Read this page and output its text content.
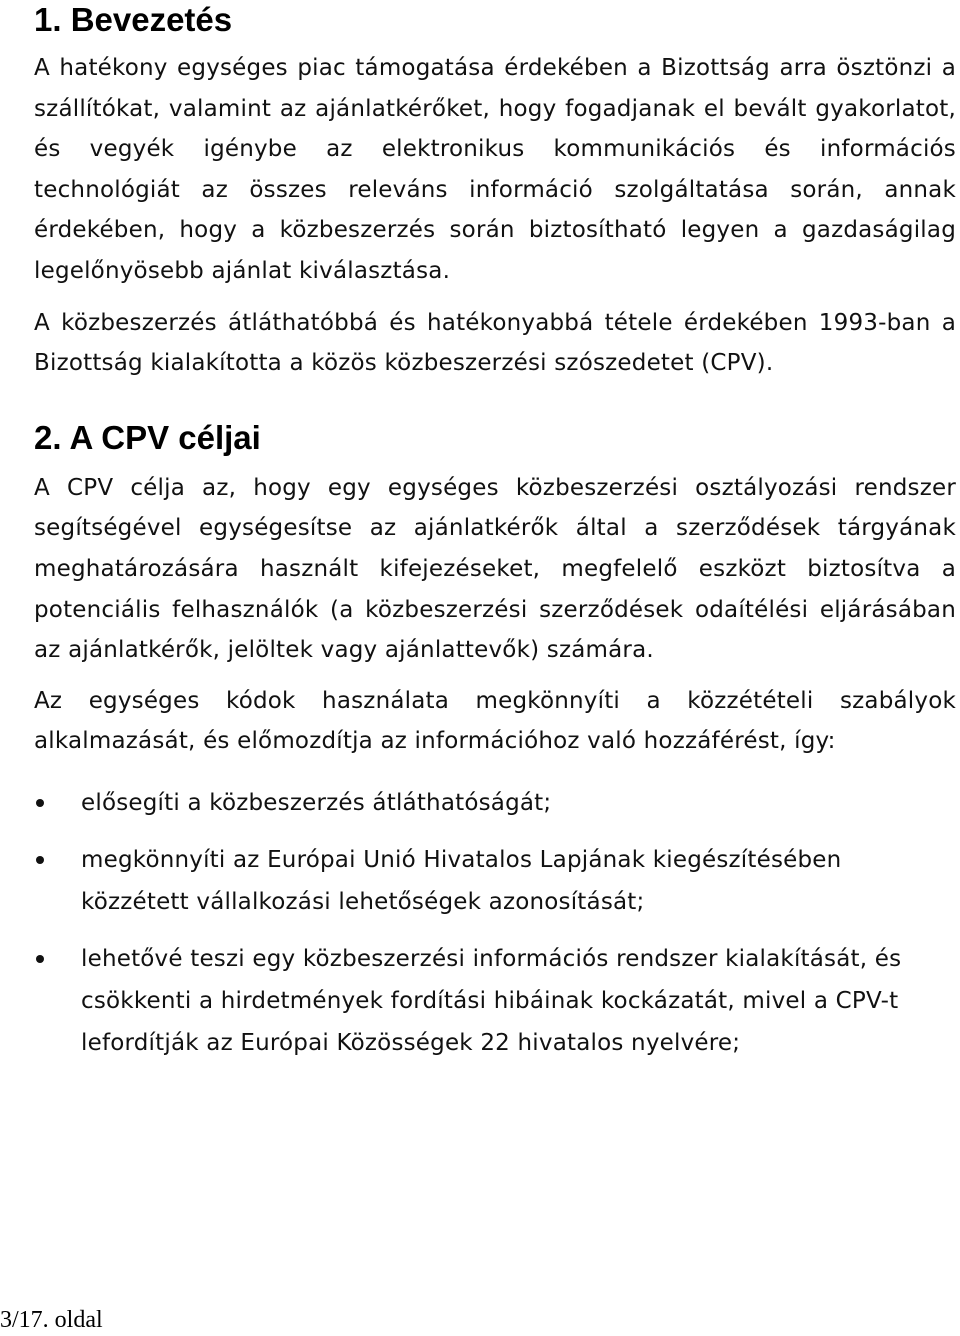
1. Bevezetés

A hatékony egységes piac támogatása érdekében a Bizottság arra ösztönzi a szállítókat, valamint az ajánlatkérőket, hogy fogadjanak el bevált gyakorlatot, és vegyék igénybe az elektronikus kommunikációs és információs technológiát az összes releváns információ szolgáltatása során, annak érdekében, hogy a közbeszerzés során biztosítható legyen a gazdaságilag legelőnyösebb ajánlat kiválasztása.

A közbeszerzés átláthatóbbá és hatékonyabbá tétele érdekében 1993-ban a Bizottság kialakította a közös közbeszerzési szószedetet (CPV).

2. A CPV céljai

A CPV célja az, hogy egy egységes közbeszerzési osztályozási rendszer segítségével egységesítse az ajánlatkérők által a szerződések tárgyának meghatározására használt kifejezéseket, megfelelő eszközt biztosítva a potenciális felhasználók (a közbeszerzési szerződések odaítélési eljárásában az ajánlatkérők, jelöltek vagy ajánlattevők) számára.

Az egységes kódok használata megkönnyíti a közzétételi szabályok alkalmazását, és előmozdítja az információhoz való hozzáférést, így:

elősegíti a közbeszerzés átláthatóságát;
megkönnyíti az Európai Unió Hivatalos Lapjának kiegészítésében közzétett vállalkozási lehetőségek azonosítását;
lehetővé teszi egy közbeszerzési információs rendszer kialakítását, és csökkenti a hirdetmények fordítási hibáinak kockázatát, mivel a CPV-t lefordítják az Európai Közösségek 22 hivatalos nyelvére;
3/17. oldal
